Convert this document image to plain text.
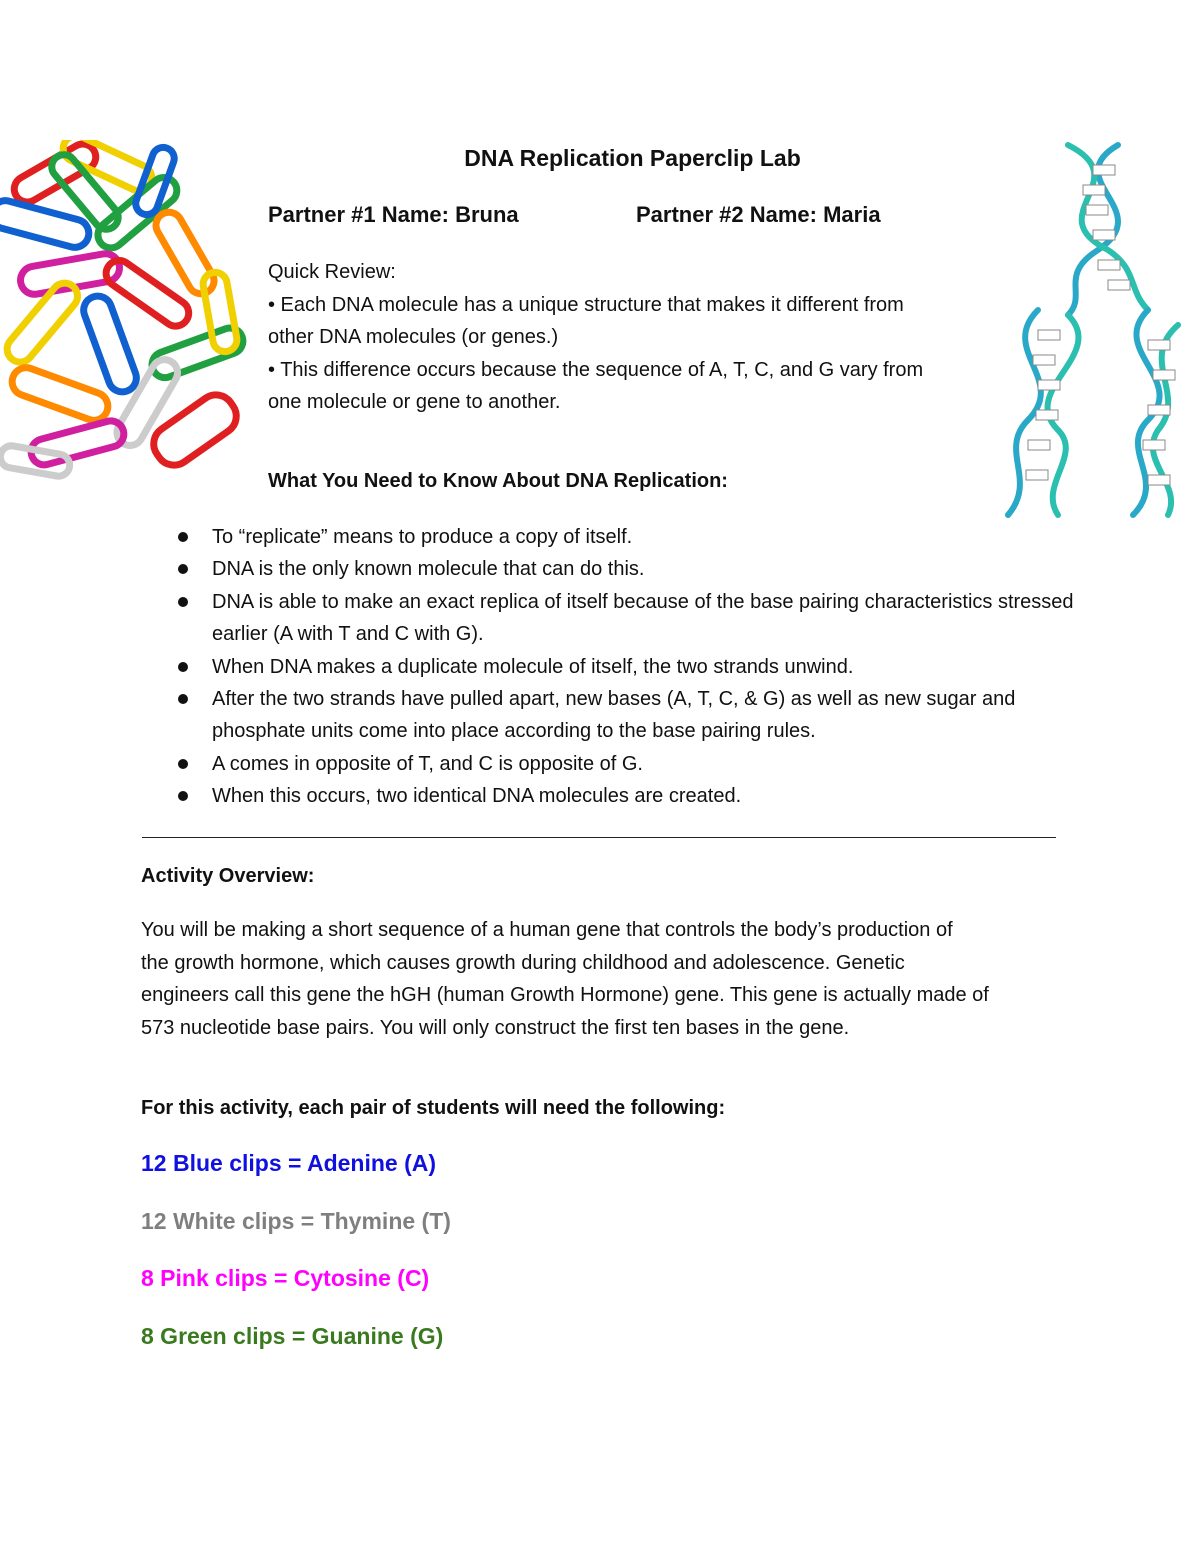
DNA Replication Paperclip Lab
Partner #1 Name: Bruna	Partner #2 Name: Maria
Quick Review:
• Each DNA molecule has a unique structure that makes it different from
other DNA molecules (or genes.)
• This difference occurs because the sequence of A, T, C, and G vary from
one molecule or gene to another.
What You Need to Know About DNA Replication:
To “replicate” means to produce a copy of itself.
DNA is the only known molecule that can do this.
DNA is able to make an exact replica of itself because of the base pairing characteristics stressed earlier (A with T and C with G).
When DNA makes a duplicate molecule of itself, the two strands unwind.
After the two strands have pulled apart, new bases (A, T, C, & G) as well as new sugar and phosphate units come into place according to the base pairing rules.
A comes in opposite of T, and C is opposite of G.
When this occurs, two identical DNA molecules are created.
Activity Overview:
You will be making a short sequence of a human gene that controls the body’s production of
the growth hormone, which causes growth during childhood and adolescence. Genetic
engineers call this gene the hGH (human Growth Hormone) gene. This gene is actually made of
573 nucleotide base pairs. You will only construct the first ten bases in the gene.
For this activity, each pair of students will need the following:
12 Blue clips = Adenine (A)
12 White clips = Thymine (T)
8 Pink clips = Cytosine (C)
8 Green clips = Guanine (G)
